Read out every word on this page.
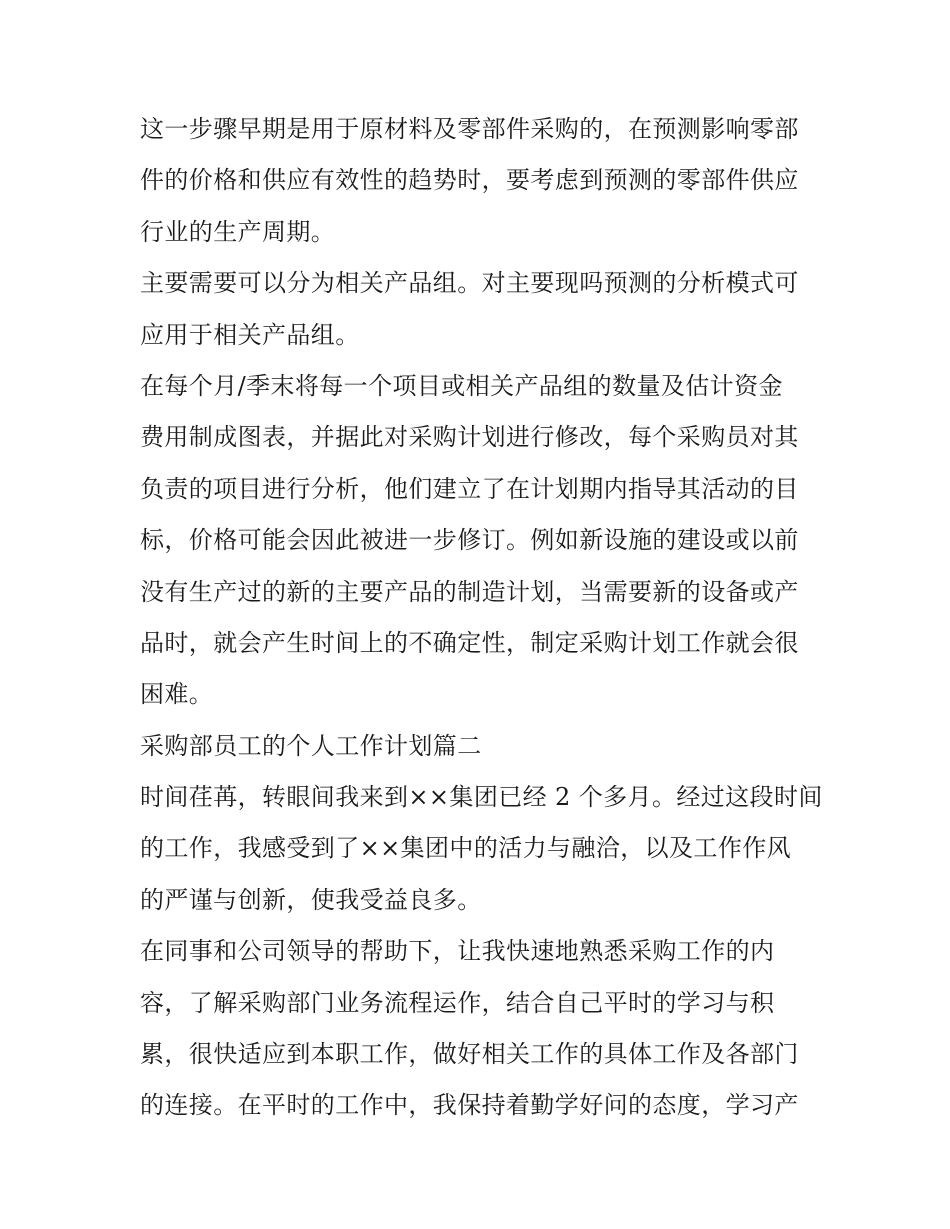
这一步骤早期是用于原材料及零部件采购的，在预测影响零部
件的价格和供应有效性的趋势时，要考虑到预测的零部件供应
行业的生产周期。
主要需要可以分为相关产品组。对主要现吗预测的分析模式可
应用于相关产品组。
在每个月/季末将每一个项目或相关产品组的数量及估计资金
费用制成图表，并据此对采购计划进行修改，每个采购员对其
负责的项目进行分析，他们建立了在计划期内指导其活动的目
标，价格可能会因此被进一步修订。例如新设施的建设或以前
没有生产过的新的主要产品的制造计划，当需要新的设备或产
品时，就会产生时间上的不确定性，制定采购计划工作就会很
困难。
采购部员工的个人工作计划篇二
时间荏苒，转眼间我来到××集团已经 2 个多月。经过这段时间
的工作，我感受到了××集团中的活力与融洽，以及工作作风
的严谨与创新，使我受益良多。
在同事和公司领导的帮助下，让我快速地熟悉采购工作的内
容，了解采购部门业务流程运作，结合自己平时的学习与积
累，很快适应到本职工作，做好相关工作的具体工作及各部门
的连接。在平时的工作中，我保持着勤学好问的态度，学习产
